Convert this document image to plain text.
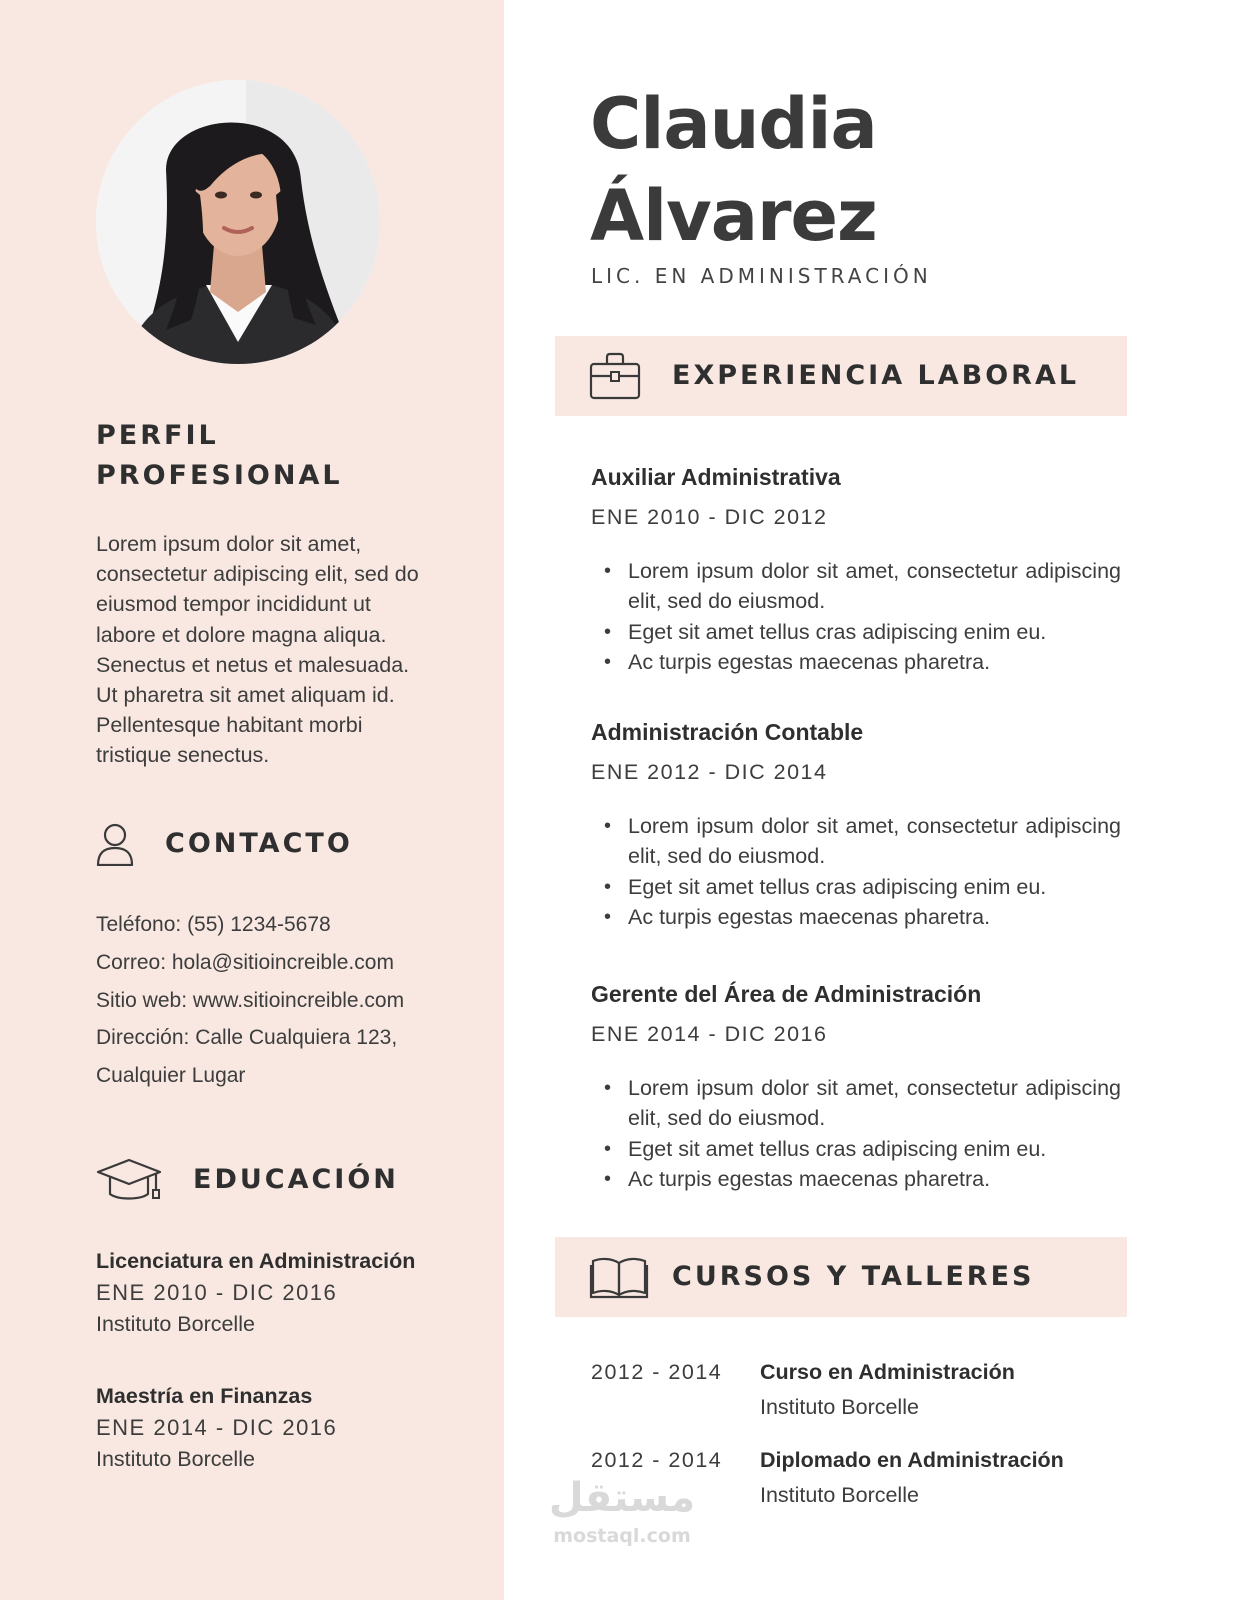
PERFIL
PROFESIONAL
Lorem ipsum dolor sit amet,
consectetur adipiscing elit, sed do
eiusmod tempor incididunt ut
labore et dolore magna aliqua.
Senectus et netus et malesuada.
Ut pharetra sit amet aliquam id.
Pellentesque habitant morbi
tristique senectus.
CONTACTO
Teléfono: (55) 1234-5678
Correo: hola@sitioincreible.com
Sitio web: www.sitioincreible.com
Dirección: Calle Cualquiera 123,
Cualquier Lugar
EDUCACIÓN
Licenciatura en Administración
ENE 2010 - DIC 2016
Instituto Borcelle
Maestría en Finanzas
ENE 2014 - DIC 2016
Instituto Borcelle
Claudia
Álvarez
LIC. EN ADMINISTRACIÓN
EXPERIENCIA LABORAL
Auxiliar Administrativa
ENE 2010 - DIC 2012
• Lorem ipsum dolor sit amet, consectetur adipiscing elit, sed do eiusmod.
• Eget sit amet tellus cras adipiscing enim eu.
• Ac turpis egestas maecenas pharetra.
Administración Contable
ENE 2012 - DIC 2014
• Lorem ipsum dolor sit amet, consectetur adipiscing elit, sed do eiusmod.
• Eget sit amet tellus cras adipiscing enim eu.
• Ac turpis egestas maecenas pharetra.
Gerente del Área de Administración
ENE 2014 - DIC 2016
• Lorem ipsum dolor sit amet, consectetur adipiscing elit, sed do eiusmod.
• Eget sit amet tellus cras adipiscing enim eu.
• Ac turpis egestas maecenas pharetra.
CURSOS Y TALLERES
2012 - 2014 Curso en Administración
Instituto Borcelle
2012 - 2014 Diplomado en Administración
Instituto Borcelle
مستقل
mostaql.com
